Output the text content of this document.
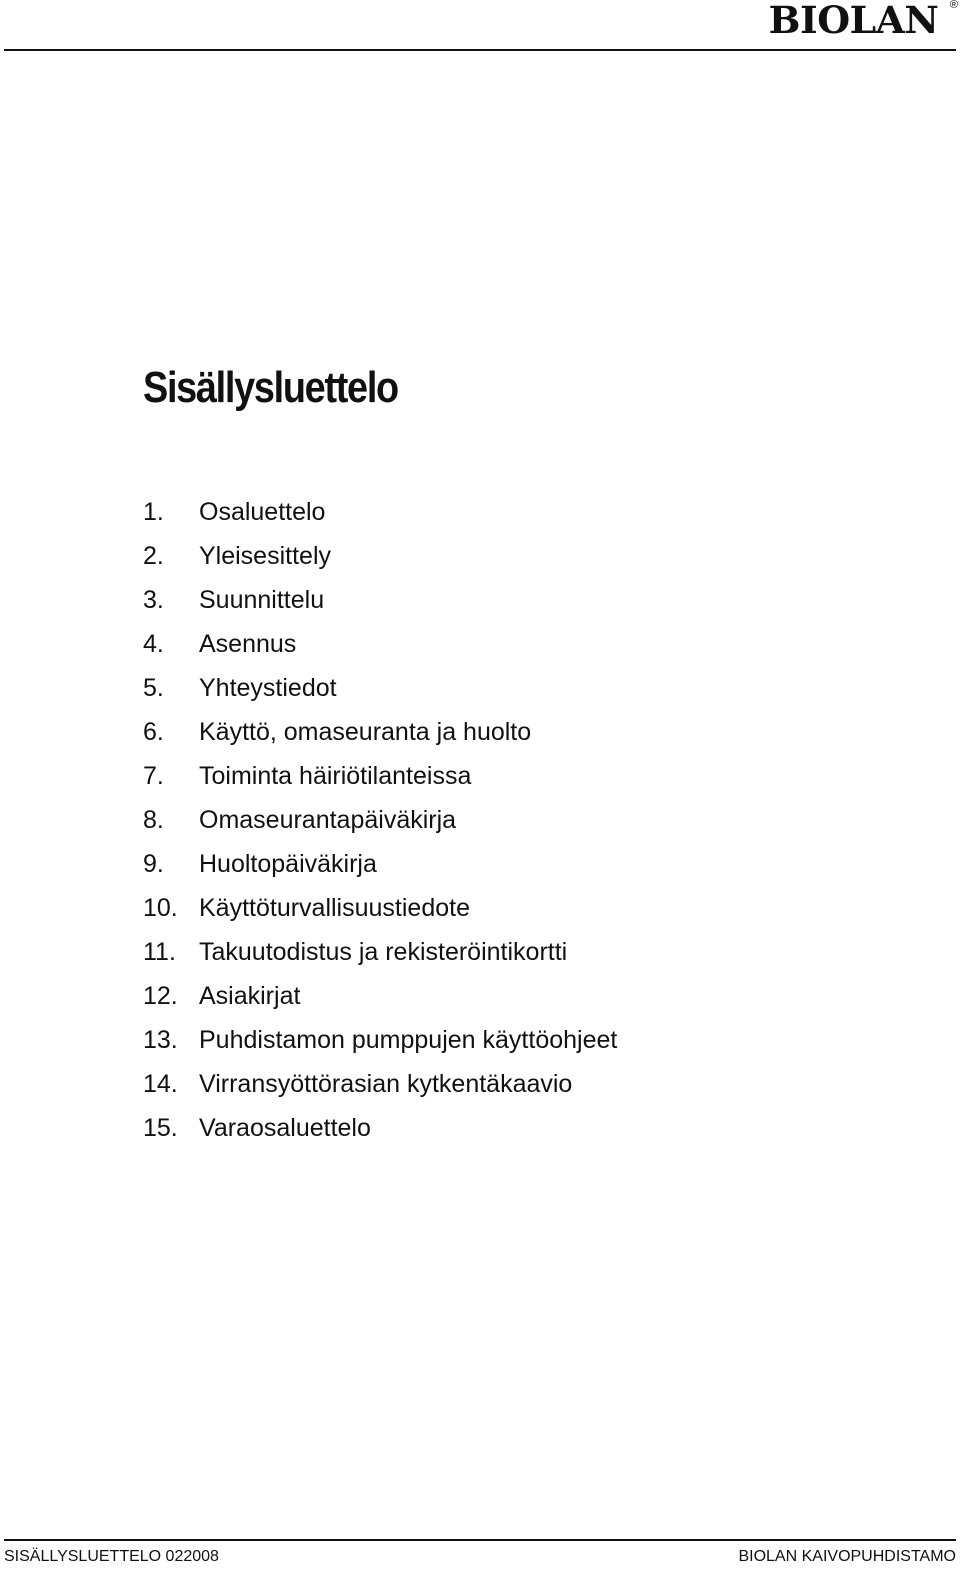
BIOLAN ®
Sisällysluettelo
1.	Osaluettelo
2.	Yleisesittely
3.	Suunnittelu
4.	Asennus
5.	Yhteystiedot
6.	Käyttö, omaseuranta ja huolto
7.	Toiminta häiriötilanteissa
8.	Omaseurantapäiväkirja
9.	Huoltopäiväkirja
10. Käyttöturvallisuustiedote
11. Takuutodistus ja rekisteröintikortti
12. Asiakirjat
13. Puhdistamon pumppujen käyttöohjeet
14. Virransyöttörasian kytkentäkaavio
15. Varaosaluettelo
SISÄLLYSLUETTELO 022008	BIOLAN KAIVOPUHDISTAMO
